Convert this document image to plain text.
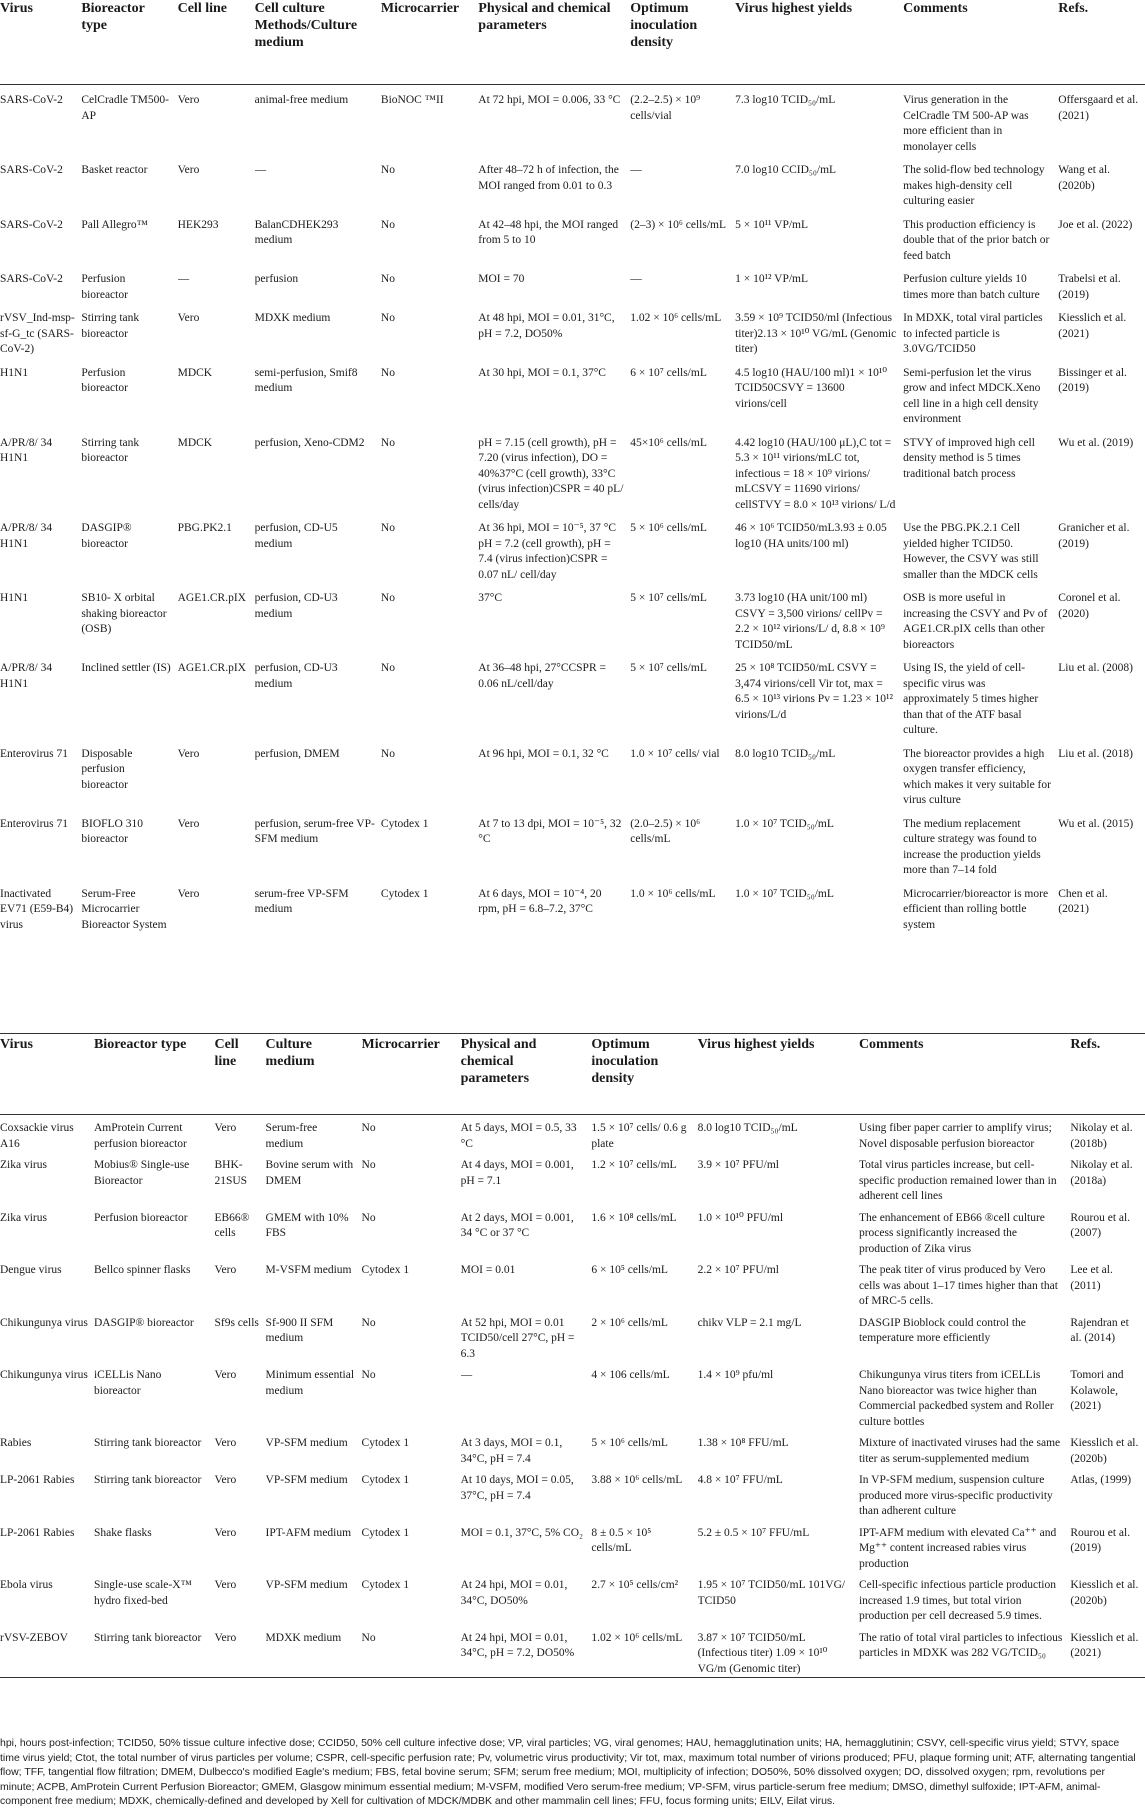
Virus	Bioreactor type	Cell line	Cell culture Methods/Culture medium	Microcarrier	Physical and chemical parameters	Optimum inoculation density	Virus highest yields	Comments	Refs.
SARS-CoV-2	CelCradle TM500-AP	Vero	animal-free medium	BioNOC ™II	At 72 hpi, MOI = 0.006, 33 °C	(2.2–2.5) × 10⁹ cells/vial	7.3 log10 TCID₅₀/mL	Virus generation in the CelCradle TM 500-AP was more efficient than in monolayer cells	Offersgaard et al. (2021)
SARS-CoV-2	Basket reactor	Vero	—	No	After 48–72 h of infection, the MOI ranged from 0.01 to 0.3	—	7.0 log10 CCID₅₀/mL	The solid-flow bed technology makes high-density cell culturing easier	Wang et al. (2020b)
SARS-CoV-2	Pall Allegro™	HEK293	BalanCDHEK293 medium	No	At 42–48 hpi, the MOI ranged from 5 to 10	(2–3) × 10⁶ cells/mL	5 × 10¹¹ VP/mL	This production efficiency is double that of the prior batch or feed batch	Joe et al. (2022)
SARS-CoV-2	Perfusion bioreactor	—	perfusion	No	MOI = 70	—	1 × 10¹² VP/mL	Perfusion culture yields 10 times more than batch culture	Trabelsi et al. (2019)
rVSV_Ind-msp-sf-G_tc (SARS-CoV-2)	Stirring tank bioreactor	Vero	MDXK medium	No	At 48 hpi, MOI = 0.01, 31°C, pH = 7.2, DO50%	1.02 × 10⁶ cells/mL	3.59 × 10⁹ TCID50/ml (Infectious titer)2.13 × 10¹⁰ VG/mL (Genomic titer)	In MDXK, total viral particles to infected particle is 3.0VG/TCID50	Kiesslich et al. (2021)
H1N1	Perfusion bioreactor	MDCK	semi-perfusion, Smif8 medium	No	At 30 hpi, MOI = 0.1, 37°C	6 × 10⁷ cells/mL	4.5 log10 (HAU/100 ml)1 × 10¹⁰ TCID50CSVY = 13600 virions/cell	Semi-perfusion let the virus grow and infect MDCK.Xeno cell line in a high cell density environment	Bissinger et al. (2019)
A/PR/8/ 34 H1N1	Stirring tank bioreactor	MDCK	perfusion, Xeno-CDM2	No	pH = 7.15 (cell growth), pH = 7.20 (virus infection), DO = 40%37°C (cell growth), 33°C (virus infection)CSPR = 40 pL/ cells/day	45×10⁶ cells/mL	4.42 log10 (HAU/100 μL),C tot = 5.3 × 10¹¹ virions/mLC tot, infectious = 18 × 10⁹ virions/ mLCSVY = 11690 virions/ cellSTVY = 8.0 × 10¹³ virions/ L/d	STVY of improved high cell density method is 5 times traditional batch process	Wu et al. (2019)
A/PR/8/ 34 H1N1	DASGIP® bioreactor	PBG.PK2.1	perfusion, CD-U5 medium	No	At 36 hpi, MOI = 10⁻⁵, 37 °C pH = 7.2 (cell growth), pH = 7.4 (virus infection)CSPR = 0.07 nL/ cell/day	5 × 10⁶ cells/mL	46 × 10⁶ TCID50/mL3.93 ± 0.05 log10 (HA units/100 ml)	Use the PBG.PK.2.1 Cell yielded higher TCID50. However, the CSVY was still smaller than the MDCK cells	Granicher et al. (2019)
H1N1	SB10- X orbital shaking bioreactor (OSB)	AGE1.CR.pIX	perfusion, CD-U3 medium	No	37°C	5 × 10⁷ cells/mL	3.73 log10 (HA unit/100 ml) CSVY = 3,500 virions/ cellPv = 2.2 × 10¹² virions/L/ d, 8.8 × 10⁹ TCID50/mL	OSB is more useful in increasing the CSVY and Pv of AGE1.CR.pIX cells than other bioreactors	Coronel et al. (2020)
A/PR/8/ 34 H1N1	Inclined settler (IS)	AGE1.CR.pIX	perfusion, CD-U3 medium	No	At 36–48 hpi, 27°CCSPR = 0.06 nL/cell/day	5 × 10⁷ cells/mL	25 × 10⁸ TCID50/mL CSVY = 3,474 virions/cell Vir tot, max = 6.5 × 10¹³ virions Pv = 1.23 × 10¹² virions/L/d	Using IS, the yield of cell-specific virus was approximately 5 times higher than that of the ATF basal culture.	Liu et al. (2008)
Enterovirus 71	Disposable perfusion bioreactor	Vero	perfusion, DMEM	No	At 96 hpi, MOI = 0.1, 32 °C	1.0 × 10⁷ cells/ vial	8.0 log10 TCID₅₀/mL	The bioreactor provides a high oxygen transfer efficiency, which makes it very suitable for virus culture	Liu et al. (2018)
Enterovirus 71	BIOFLO 310 bioreactor	Vero	perfusion, serum-free VP-SFM medium	Cytodex 1	At 7 to 13 dpi, MOI = 10⁻⁵, 32 °C	(2.0–2.5) × 10⁶ cells/mL	1.0 × 10⁷ TCID₅₀/mL	The medium replacement culture strategy was found to increase the production yields more than 7–14 fold	Wu et al. (2015)
Inactivated EV71 (E59-B4) virus	Serum-Free Microcarrier Bioreactor System	Vero	serum-free VP-SFM medium	Cytodex 1	At 6 days, MOI = 10⁻⁴, 20 rpm, pH = 6.8–7.2, 37°C	1.0 × 10⁶ cells/mL	1.0 × 10⁷ TCID₅₀/mL	Microcarrier/bioreactor is more efficient than rolling bottle system	Chen et al. (2021)
Virus	Bioreactor type	Cell line	Culture medium	Microcarrier	Physical and chemical parameters	Optimum inoculation density	Virus highest yields	Comments	Refs.
Coxsackie virus A16	AmProtein Current perfusion bioreactor	Vero	Serum-free medium	No	At 5 days, MOI = 0.5, 33 °C	1.5 × 10⁷ cells/ 0.6 g plate	8.0 log10 TCID₅₀/mL	Using fiber paper carrier to amplify virus; Novel disposable perfusion bioreactor	Nikolay et al. (2018b)
Zika virus	Mobius® Single-use Bioreactor	BHK-21SUS	Bovine serum with DMEM	No	At 4 days, MOI = 0.001, pH = 7.1	1.2 × 10⁷ cells/mL	3.9 × 10⁷ PFU/ml	Total virus particles increase, but cell-specific production remained lower than in adherent cell lines	Nikolay et al. (2018a)
Zika virus	Perfusion bioreactor	EB66® cells	GMEM with 10% FBS	No	At 2 days, MOI = 0.001, 34 °C or 37 °C	1.6 × 10⁸ cells/mL	1.0 × 10¹⁰ PFU/ml	The enhancement of EB66 ®cell culture process significantly increased the production of Zika virus	Rourou et al. (2007)
Dengue virus	Bellco spinner flasks	Vero	M-VSFM medium	Cytodex 1	MOI = 0.01	6 × 10⁵ cells/mL	2.2 × 10⁷ PFU/ml	The peak titer of virus produced by Vero cells was about 1–17 times higher than that of MRC-5 cells.	Lee et al. (2011)
Chikungunya virus	DASGIP® bioreactor	Sf9s cells	Sf-900 II SFM medium	No	At 52 hpi, MOI = 0.01 TCID50/cell 27°C, pH = 6.3	2 × 10⁶ cells/mL	chikv VLP = 2.1 mg/L	DASGIP Bioblock could control the temperature more efficiently	Rajendran et al. (2014)
Chikungunya virus	iCELLis Nano bioreactor	Vero	Minimum essential medium	No	—	4 × 106 cells/mL	1.4 × 10⁹ pfu/ml	Chikungunya virus titers from iCELLis Nano bioreactor was twice higher than Commercial packedbed system and Roller culture bottles	Tomori and Kolawole, (2021)
Rabies	Stirring tank bioreactor	Vero	VP-SFM medium	Cytodex 1	At 3 days, MOI = 0.1, 34°C, pH = 7.4	5 × 10⁶ cells/mL	1.38 × 10⁸ FFU/mL	Mixture of inactivated viruses had the same titer as serum-supplemented medium	Kiesslich et al. (2020b)
LP-2061 Rabies	Stirring tank bioreactor	Vero	VP-SFM medium	Cytodex 1	At 10 days, MOI = 0.05, 37°C, pH = 7.4	3.88 × 10⁶ cells/mL	4.8 × 10⁷ FFU/mL	In VP-SFM medium, suspension culture produced more virus-specific productivity than adherent culture	Atlas, (1999)
LP-2061 Rabies	Shake flasks	Vero	IPT-AFM medium	Cytodex 1	MOI = 0.1, 37°C, 5% CO₂	8 ± 0.5 × 10⁵ cells/mL	5.2 ± 0.5 × 10⁷ FFU/mL	IPT-AFM medium with elevated Ca⁺⁺ and Mg⁺⁺ content increased rabies virus production	Rourou et al. (2019)
Ebola virus	Single-use scale-X™ hydro fixed-bed	Vero	VP-SFM medium	Cytodex 1	At 24 hpi, MOI = 0.01, 34°C, DO50%	2.7 × 10⁵ cells/cm²	1.95 × 10⁷ TCID50/mL 101VG/ TCID50	Cell-specific infectious particle production increased 1.9 times, but total virion production per cell decreased 5.9 times.	Kiesslich et al. (2020b)
rVSV-ZEBOV	Stirring tank bioreactor	Vero	MDXK medium	No	At 24 hpi, MOI = 0.01, 34°C, pH = 7.2, DO50%	1.02 × 10⁶ cells/mL	3.87 × 10⁷ TCID50/mL (Infectious titer) 1.09 × 10¹⁰ VG/m (Genomic titer)	The ratio of total viral particles to infectious particles in MDXK was 282 VG/TCID₅₀	Kiesslich et al. (2021)
hpi, hours post-infection; TCID50, 50% tissue culture infective dose; CCID50, 50% cell culture infective dose; VP, viral particles; VG, viral genomes; HAU, hemagglutination units; HA, hemagglutinin; CSVY, cell-specific virus yield; STVY, space time virus yield; Ctot, the total number of virus particles per volume; CSPR, cell-specific perfusion rate; Pv, volumetric virus productivity; Vir tot, max, maximum total number of virions produced; PFU, plaque forming unit; ATF, alternating tangential flow; TFF, tangential flow filtration; DMEM, Dulbecco's modified Eagle's medium; FBS, fetal bovine serum; SFM; serum free medium; MOI, multiplicity of infection; DO50%, 50% dissolved oxygen; DO, dissolved oxygen; rpm, revolutions per minute; ACPB, AmProtein Current Perfusion Bioreactor; GMEM, Glasgow minimum essential medium; M-VSFM, modified Vero serum-free medium; VP-SFM, virus particle-serum free medium; DMSO, dimethyl sulfoxide; IPT-AFM, animal-component free medium; MDXK, chemically-defined and developed by Xell for cultivation of MDCK/MDBK and other mammalin cell lines; FFU, focus forming units; EILV, Eilat virus.
